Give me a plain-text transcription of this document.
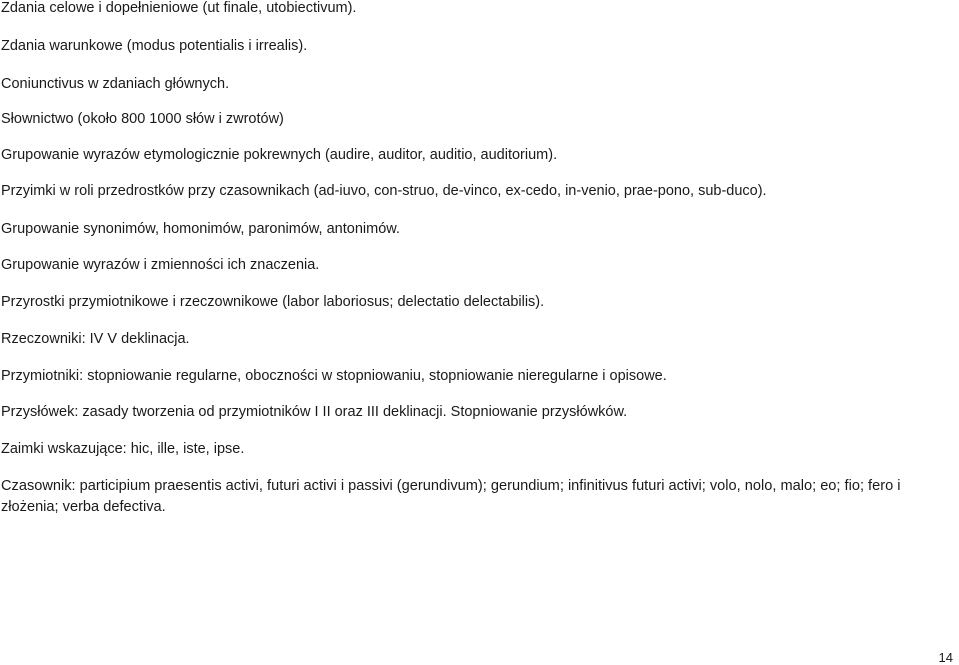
Zdania celowe i dopełnieniowe (ut finale, utobiectivum).

Zdania warunkowe (modus potentialis i irrealis).

Coniunctivus w zdaniach głównych.

Słownictwo (około 800 1000 słów i zwrotów)

Grupowanie wyrazów etymologicznie pokrewnych (audire, auditor, auditio, auditorium).

Przyimki w roli przedrostków przy czasownikach (ad-iuvo, con-struo, de-vinco, ex-cedo, in-venio, prae-pono, sub-duco).

Grupowanie synonimów, homonimów, paronimów, antonimów.

Grupowanie wyrazów i zmienności ich znaczenia.

Przyrostki przymiotnikowe i rzeczownikowe (labor laboriosus; delectatio delectabilis).

Rzeczowniki: IV V deklinacja.

Przymiotniki: stopniowanie regularne, oboczności w stopniowaniu, stopniowanie nieregularne i opisowe.

Przysłówek: zasady tworzenia od przymiotników I II oraz III deklinacji. Stopniowanie przysłówków.

Zaimki wskazujące: hic, ille, iste, ipse.

Czasownik: participium praesentis activi, futuri activi i passivi (gerundivum); gerundium; infinitivus futuri activi; volo, nolo, malo; eo; fio; fero i złożenia; verba defectiva.

14
